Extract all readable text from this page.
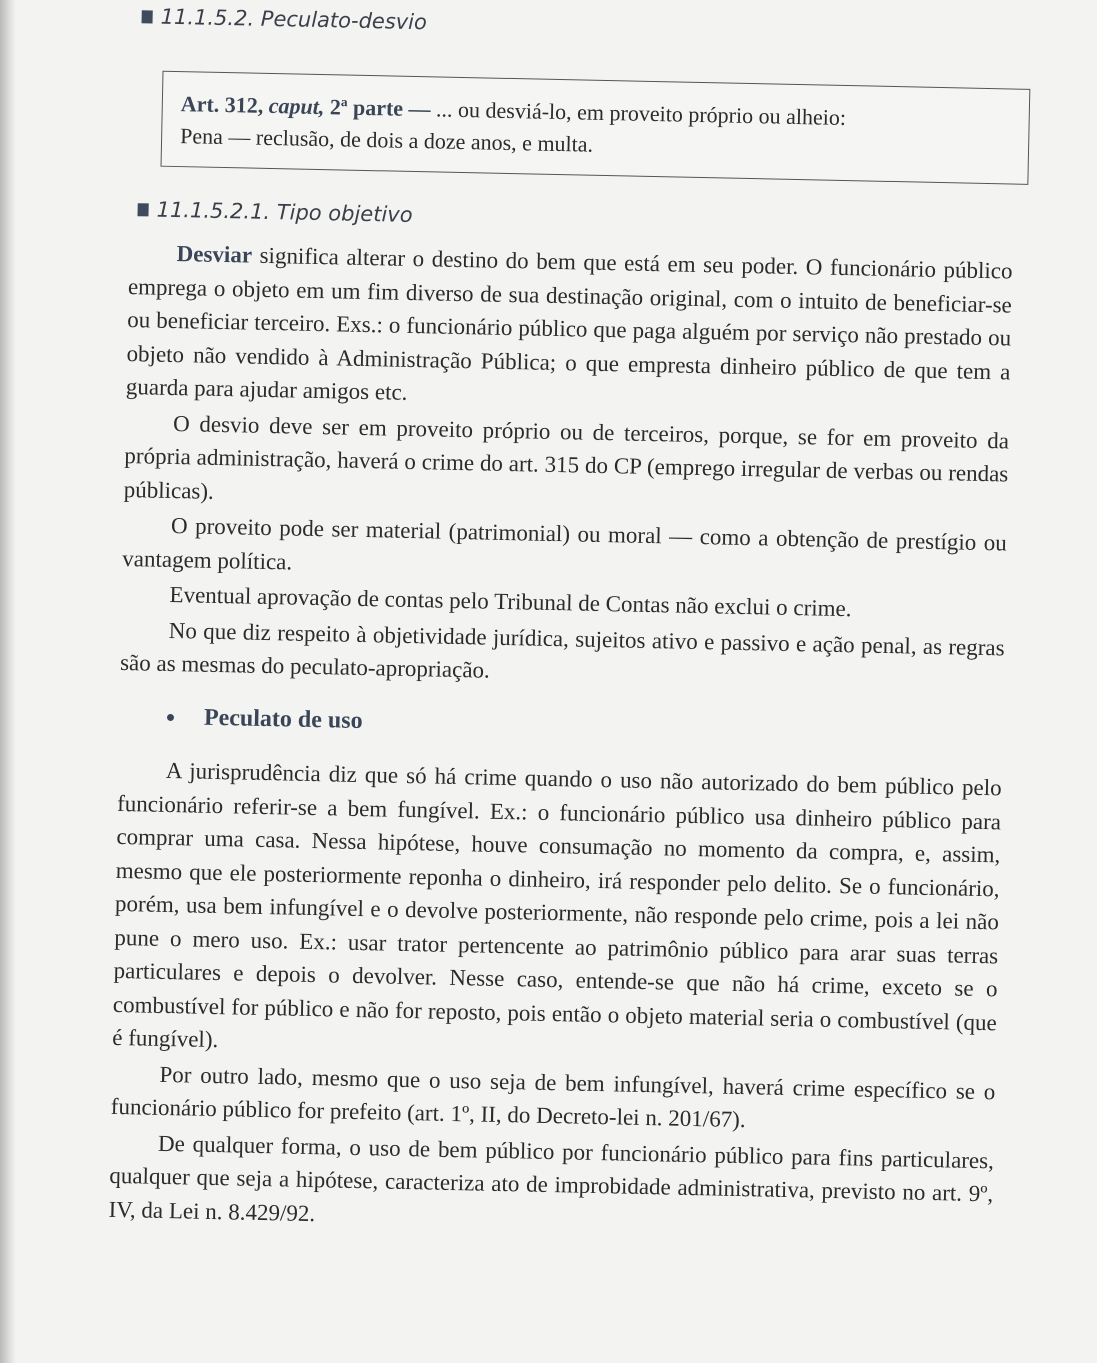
11.1.5.2. Peculato-desvio
Art. 312, caput, 2ª parte — ... ou desviá-lo, em proveito próprio ou alheio:
Pena — reclusão, de dois a doze anos, e multa.
11.1.5.2.1. Tipo objetivo

Desviar significa alterar o destino do bem que está em seu poder. O funcionário público emprega o objeto em um fim diverso de sua destinação original, com o intuito de beneficiar-se ou beneficiar terceiro. Exs.: o funcionário público que paga alguém por serviço não prestado ou objeto não vendido à Administração Pública; o que empresta dinheiro público de que tem a guarda para ajudar amigos etc.

O desvio deve ser em proveito próprio ou de terceiros, porque, se for em proveito da própria administração, haverá o crime do art. 315 do CP (emprego irregular de verbas ou rendas públicas).

O proveito pode ser material (patrimonial) ou moral — como a obtenção de prestígio ou vantagem política.

Eventual aprovação de contas pelo Tribunal de Contas não exclui o crime.

No que diz respeito à objetividade jurídica, sujeitos ativo e passivo e ação penal, as regras são as mesmas do peculato-apropriação.

Peculato de uso

A jurisprudência diz que só há crime quando o uso não autorizado do bem público pelo funcionário referir-se a bem fungível. Ex.: o funcionário público usa dinheiro público para comprar uma casa. Nessa hipótese, houve consumação no momento da compra, e, assim, mesmo que ele posteriormente reponha o dinheiro, irá responder pelo delito. Se o funcionário, porém, usa bem infungível e o devolve posteriormente, não responde pelo crime, pois a lei não pune o mero uso. Ex.: usar trator pertencente ao patrimônio público para arar suas terras particulares e depois o devolver. Nesse caso, entende-se que não há crime, exceto se o combustível for público e não for reposto, pois então o objeto material seria o combustível (que é fungível).

Por outro lado, mesmo que o uso seja de bem infungível, haverá crime específico se o funcionário público for prefeito (art. 1º, II, do Decreto-lei n. 201/67).

De qualquer forma, o uso de bem público por funcionário público para fins particulares, qualquer que seja a hipótese, caracteriza ato de improbidade administrativa, previsto no art. 9º, IV, da Lei n. 8.429/92.
